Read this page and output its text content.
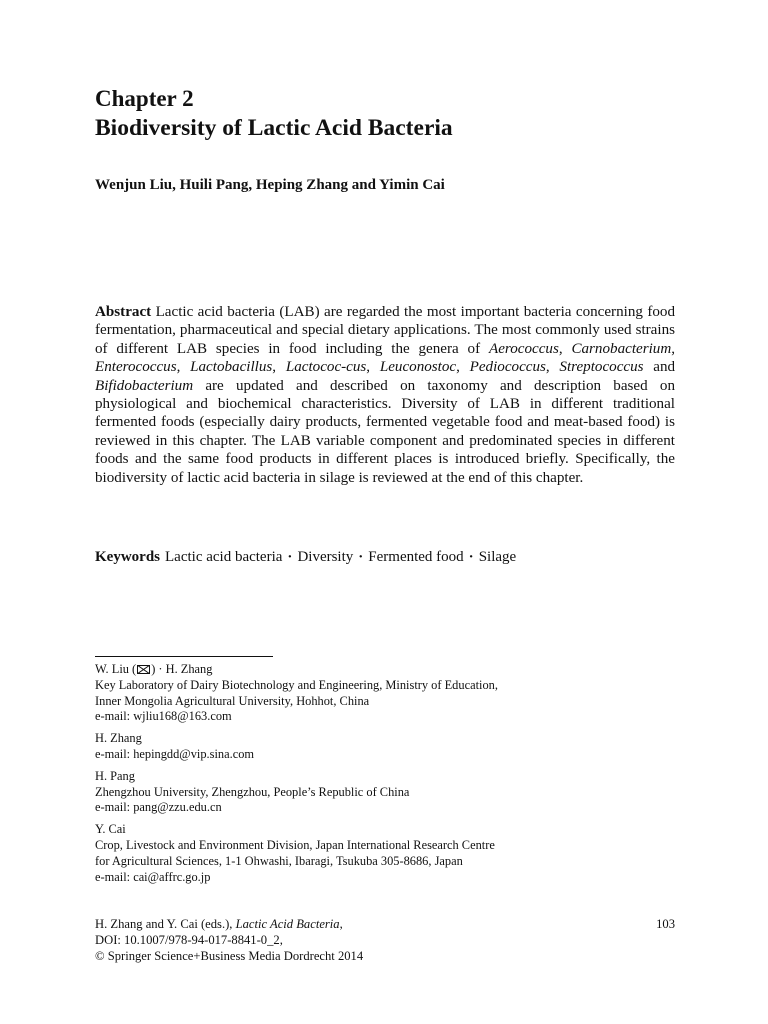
Chapter 2
Biodiversity of Lactic Acid Bacteria
Wenjun Liu, Huili Pang, Heping Zhang and Yimin Cai
Abstract Lactic acid bacteria (LAB) are regarded the most important bacteria concerning food fermentation, pharmaceutical and special dietary applications. The most commonly used strains of different LAB species in food including the genera of Aerococcus, Carnobacterium, Enterococcus, Lactobacillus, Lactococ-cus, Leuconostoc, Pediococcus, Streptococcus and Bifidobacterium are updated and described on taxonomy and description based on physiological and biochemical characteristics. Diversity of LAB in different traditional fermented foods (especially dairy products, fermented vegetable food and meat-based food) is reviewed in this chapter. The LAB variable component and predominated species in different foods and the same food products in different places is introduced briefly. Specifically, the biodiversity of lactic acid bacteria in silage is reviewed at the end of this chapter.
Keywords Lactic acid bacteria · Diversity · Fermented food · Silage
W. Liu ( ) · H. Zhang
Key Laboratory of Dairy Biotechnology and Engineering, Ministry of Education,
Inner Mongolia Agricultural University, Hohhot, China
e-mail: wjliu168@163.com
H. Zhang
e-mail: hepingdd@vip.sina.com
H. Pang
Zhengzhou University, Zhengzhou, People’s Republic of China
e-mail: pang@zzu.edu.cn
Y. Cai
Crop, Livestock and Environment Division, Japan International Research Centre
for Agricultural Sciences, 1-1 Ohwashi, Ibaragi, Tsukuba 305-8686, Japan
e-mail: cai@affrc.go.jp
H. Zhang and Y. Cai (eds.), Lactic Acid Bacteria,
DOI: 10.1007/978-94-017-8841-0_2,
© Springer Science+Business Media Dordrecht 2014
103
